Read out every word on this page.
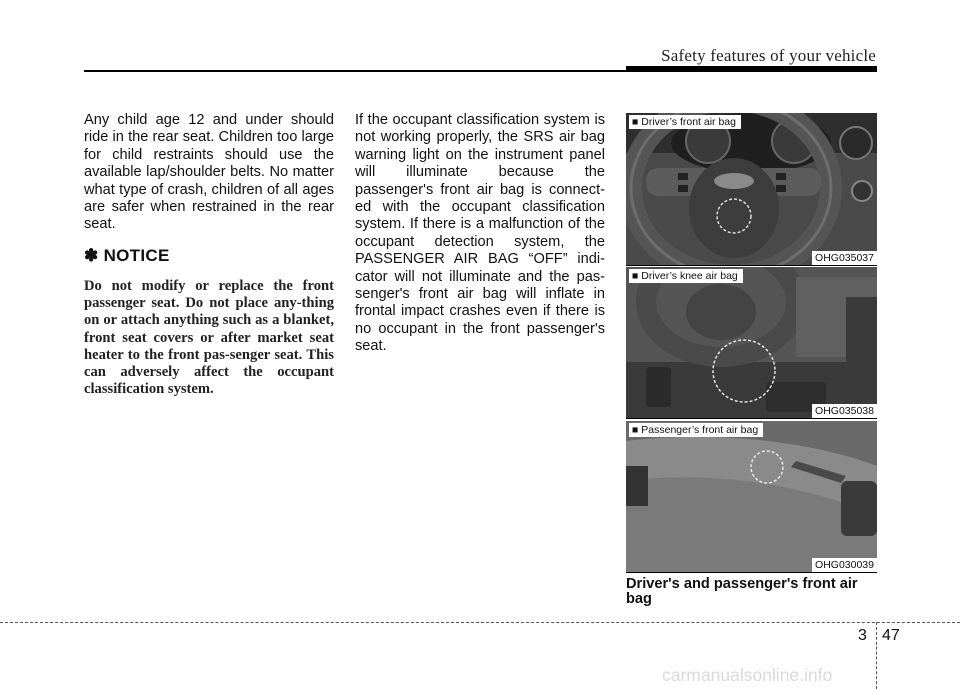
Safety features of your vehicle
Any child age 12 and under should ride in the rear seat. Children too large for child restraints should use the available lap/shoulder belts. No matter what type of crash, children of all ages are safer when restrained in the rear seat.
✽ NOTICE
Do not modify or replace the front passenger seat. Do not place any-thing on or attach anything such as a blanket, front seat covers or after market seat heater to the front pas-senger seat. This can adversely affect the occupant classification system.
If the occupant classification system is not working properly, the SRS air bag warning light on the instrument panel will illuminate because the passenger's front air bag is connect-ed with the occupant classification system. If there is a malfunction of the occupant detection system, the PASSENGER AIR BAG “OFF” indi-cator will not illuminate and the pas-senger's front air bag will inflate in frontal impact crashes even if there is no occupant in the front passenger's seat.
■ Driver’s front air bag
OHG035037
■ Driver’s knee air bag
OHG035038
■ Passenger’s front air bag
OHG030039
Driver's and passenger's front air bag
3 47
carmanualsonline.info
